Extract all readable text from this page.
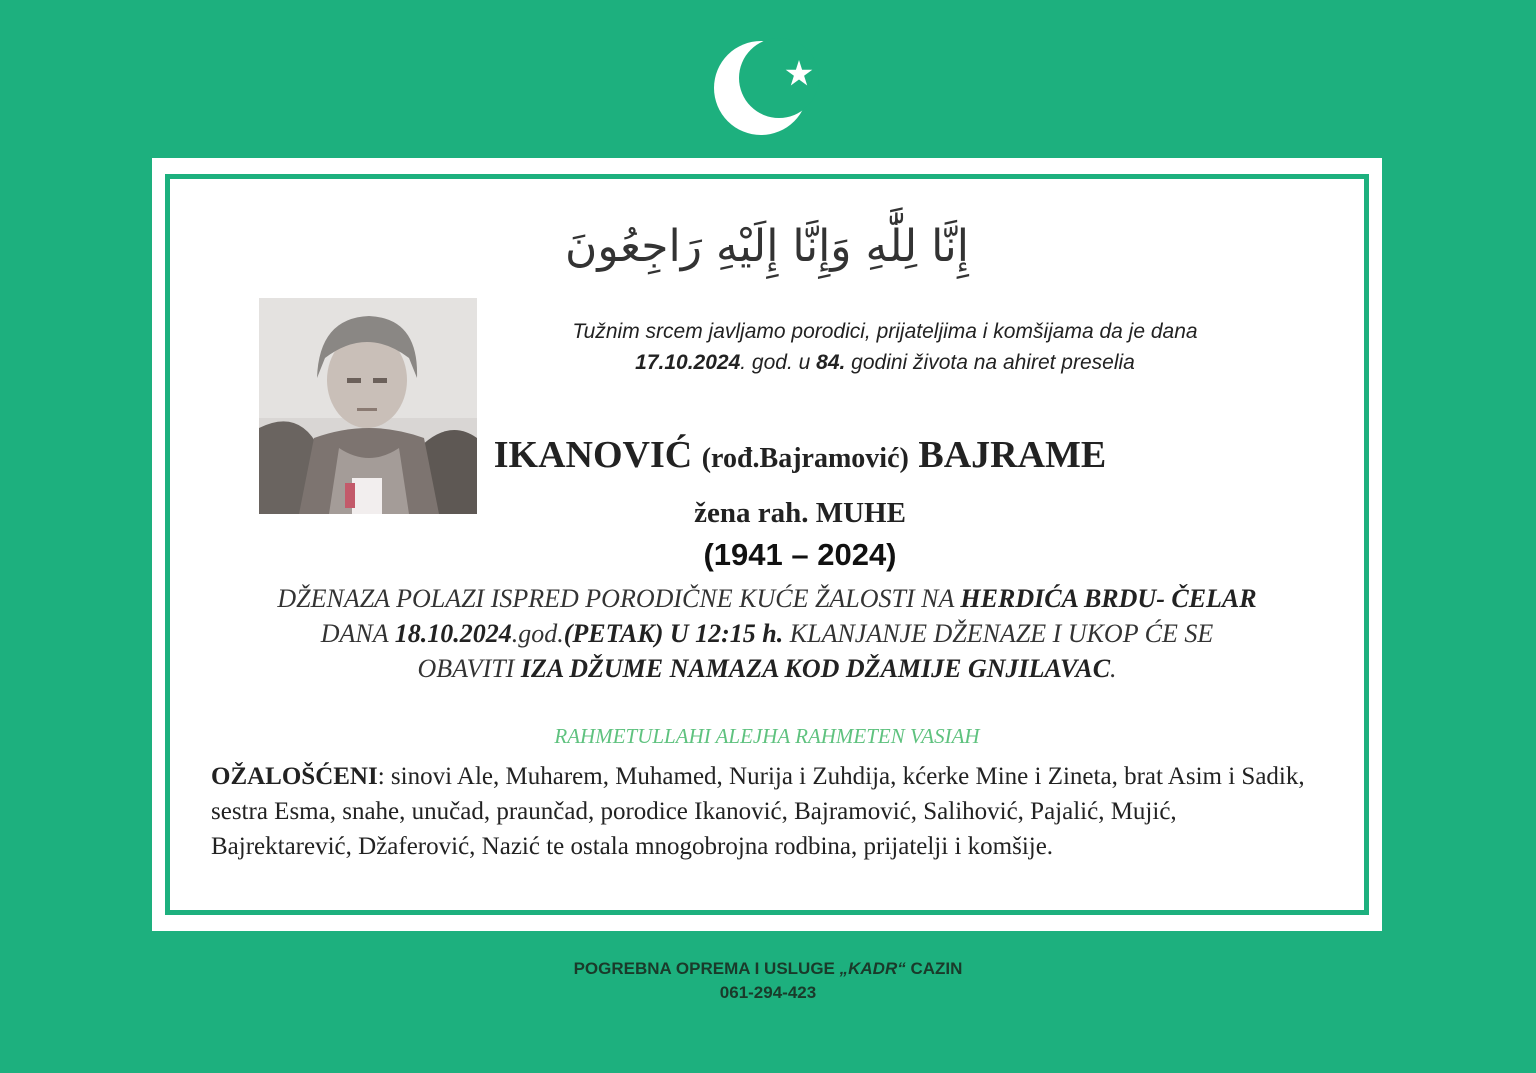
إِنَّا لِلَّٰهِ وَإِنَّا إِلَيْهِ رَاجِعُونَ
Tužnim srcem javljamo porodici, prijateljima i komšijama da je dana
17.10.2024. god. u 84. godini života na ahiret preselia
IKANOVIĆ (rođ.Bajramović) BAJRAME
žena rah. MUHE
(1941 – 2024)
DŽENAZA POLAZI ISPRED PORODIČNE KUĆE ŽALOSTI NA HERDIĆA BRDU- ČELAR
DANA 18.10.2024.god.(PETAK) U 12:15 h. KLANJANJE DŽENAZE I UKOP ĆE SE
OBAVITI IZA DŽUME NAMAZA KOD DŽAMIJE GNJILAVAC.
RAHMETULLAHI ALEJHA RAHMETEN VASIAH
OŽALOŠĆENI: sinovi Ale, Muharem, Muhamed, Nurija i Zuhdija, kćerke Mine i Zineta, brat Asim i Sadik, sestra Esma, snahe, unučad, praunčad, porodice Ikanović, Bajramović, Salihović, Pajalić, Mujić, Bajrektarević, Džaferović, Nazić te ostala mnogobrojna rodbina, prijatelji i komšije.
POGREBNA OPREMA I USLUGE „KADR“ CAZIN
061-294-423
